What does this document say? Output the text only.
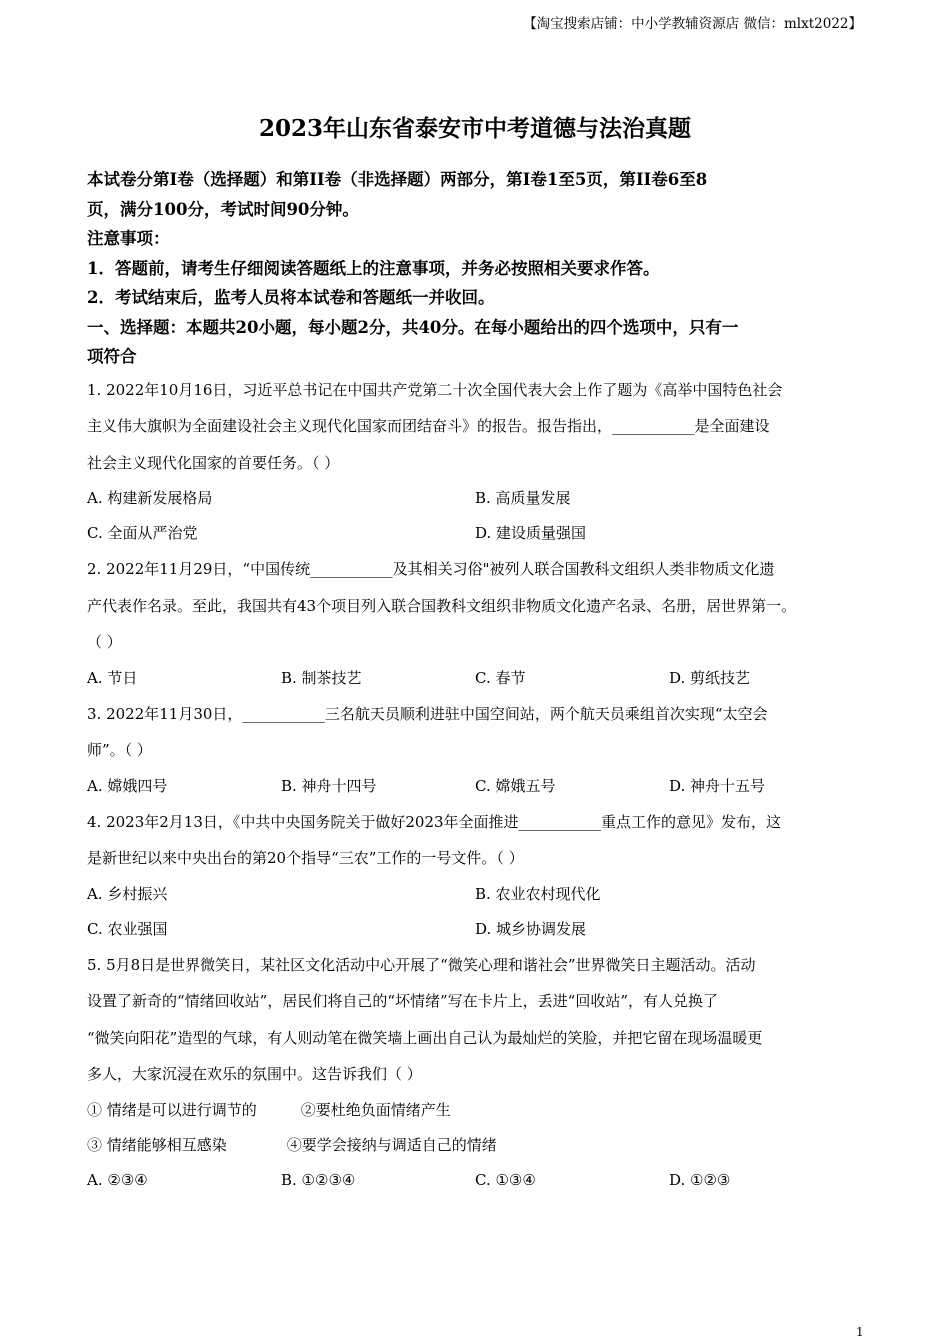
【淘宝搜索店铺：中小学教辅资源店 微信：mlxt2022】
2023年山东省泰安市中考道德与法治真题
本试卷分第Ⅰ卷（选择题）和第II卷（非选择题）两部分，第I卷1至5页，第II卷6至8
页，满分100分，考试时间90分钟。
注意事项：
1．答题前，请考生仔细阅读答题纸上的注意事项，并务必按照相关要求作答。
2．考试结束后，监考人员将本试卷和答题纸一并收回。
一、选择题：本题共20小题，每小题2分，共40分。在每小题给出的四个选项中，只有一
项符合
1. 2022年10月16日，习近平总书记在中国共产党第二十次全国代表大会上作了题为《高举中国特色社会
主义伟大旗帜为全面建设社会主义现代化国家而团结奋斗》的报告。报告指出，___________是全面建设
社会主义现代化国家的首要任务。（ ）
A. 构建新发展格局	B. 高质量发展
C. 全面从严治党	D. 建设质量强国
2. 2022年11月29日，“中国传统___________及其相关习俗"被列人联合国教科文组织人类非物质文化遗
产代表作名录。至此，我国共有43个项目列入联合国教科文组织非物质文化遗产名录、名册，居世界第一。
（ ）
A. 节日	B. 制茶技艺	C. 春节	D. 剪纸技艺
3. 2022年11月30日，___________三名航天员顺利进驻中国空间站，两个航天员乘组首次实现“太空会
师”。（ ）
A. 嫦娥四号	B. 神舟十四号	C. 嫦娥五号	D. 神舟十五号
4. 2023年2月13日，《中共中央国务院关于做好2023年全面推进___________重点工作的意见》发布，这
是新世纪以来中央出台的第20个指导“三农”工作的一号文件。（ ）
A. 乡村振兴	B. 农业农村现代化
C. 农业强国	D. 城乡协调发展
5. 5月8日是世界微笑日，某社区文化活动中心开展了“微笑心理和谐社会”世界微笑日主题活动。活动
设置了新奇的“情绪回收站”，居民们将自己的“坏情绪”写在卡片上，丢进“回收站”，有人兑换了
“微笑向阳花”造型的气球，有人则动笔在微笑墙上画出自己认为最灿烂的笑脸，并把它留在现场温暖更
多人，大家沉浸在欢乐的氛围中。这告诉我们（ ）
① 情绪是可以进行调节的	②要杜绝负面情绪产生
③ 情绪能够相互感染	④要学会接纳与调适自己的情绪
A. ②③④	B. ①②③④	C. ①③④	D. ①②③
1
